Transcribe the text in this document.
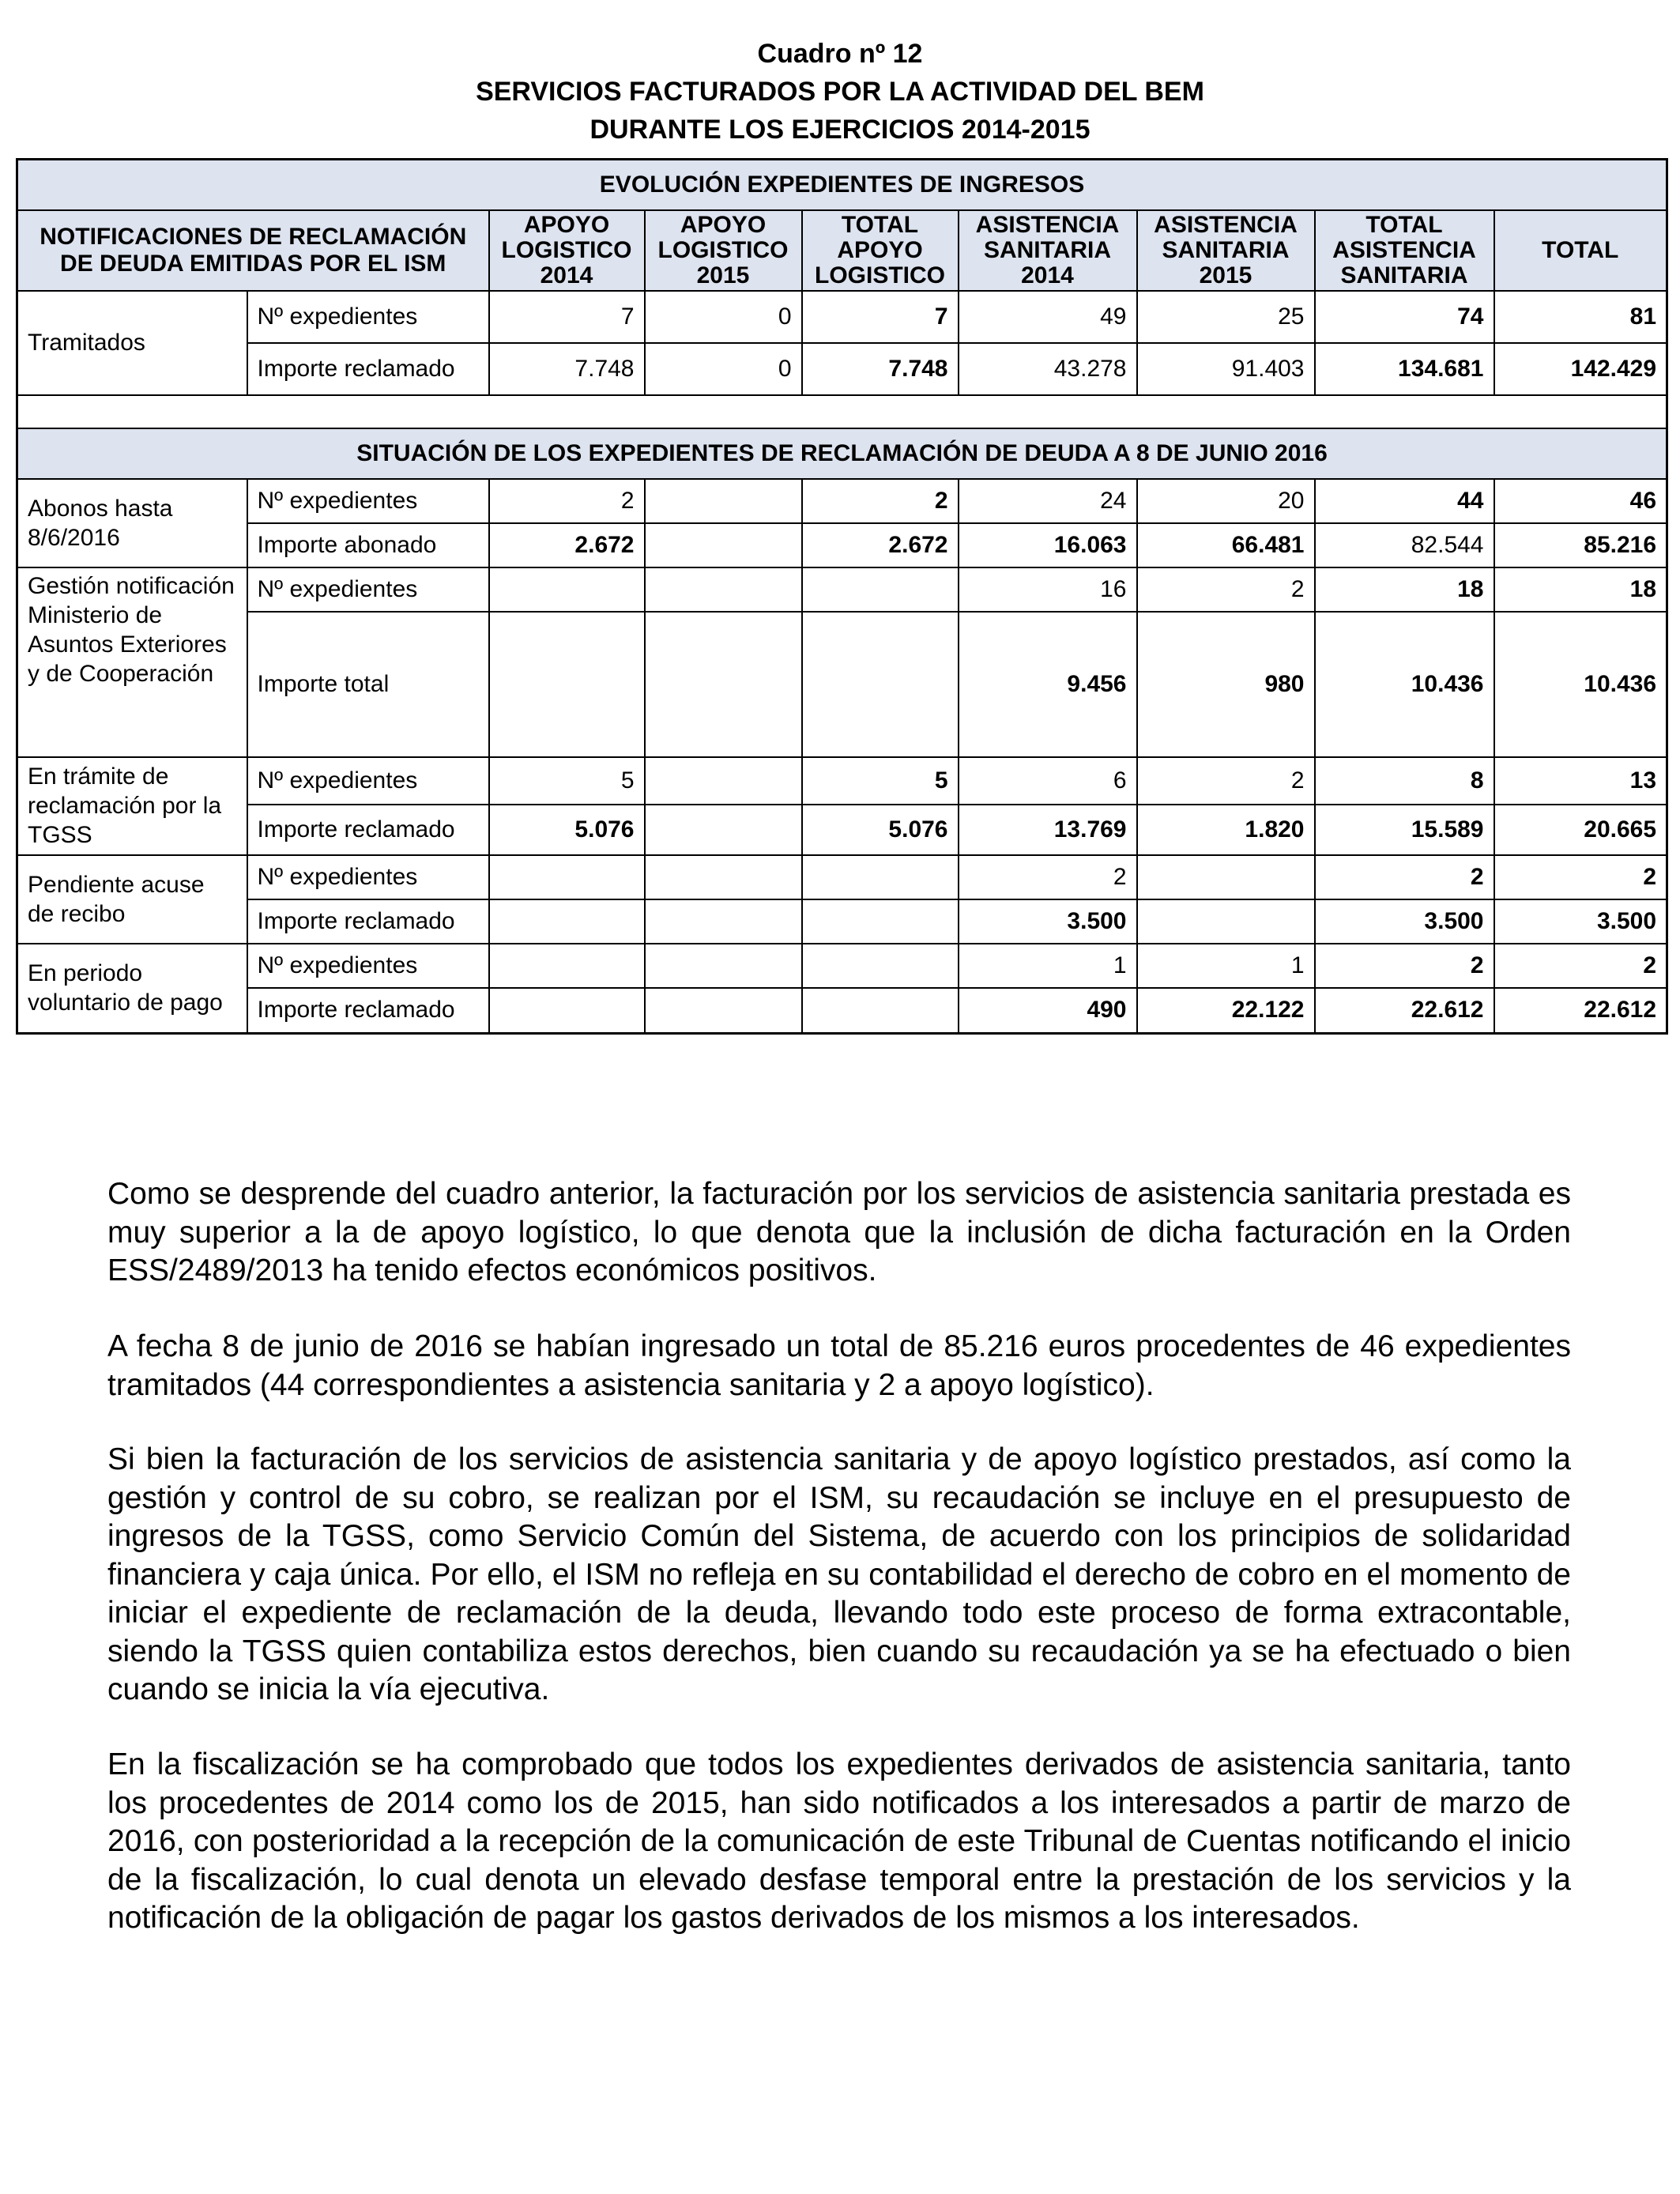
Cuadro nº 12
SERVICIOS FACTURADOS POR LA ACTIVIDAD DEL BEM
DURANTE LOS EJERCICIOS 2014-2015
EVOLUCIÓN EXPEDIENTES DE INGRESOS								
NOTIFICACIONES DE RECLAMACIÓN DE DEUDA EMITIDAS POR EL ISM		APOYO LOGISTICO 2014	APOYO LOGISTICO 2015	TOTAL APOYO LOGISTICO	ASISTENCIA SANITARIA 2014	ASISTENCIA SANITARIA 2015	TOTAL ASISTENCIA SANITARIA	TOTAL
Tramitados	Nº expedientes	7	0	7	49	25	74	81
	Importe reclamado	7.748	0	7.748	43.278	91.403	134.681	142.429

SITUACIÓN DE LOS EXPEDIENTES DE RECLAMACIÓN DE DEUDA A 8 DE JUNIO 2016								
Abonos hasta 8/6/2016	Nº expedientes	2		2	24	20	44	46
	Importe abonado	2.672		2.672	16.063	66.481	82.544	85.216
Gestión notificación Ministerio de Asuntos Exteriores y de Cooperación	Nº expedientes				16	2	18	18
	Importe total				9.456	980	10.436	10.436
En trámite de reclamación por la TGSS	Nº expedientes	5		5	6	2	8	13
	Importe reclamado	5.076		5.076	13.769	1.820	15.589	20.665
Pendiente acuse de recibo	Nº expedientes				2		2	2
	Importe reclamado				3.500		3.500	3.500
En periodo voluntario de pago	Nº expedientes				1	1	2	2
	Importe reclamado				490	22.122	22.612	22.612

Como se desprende del cuadro anterior, la facturación por los servicios de asistencia sanitaria prestada es muy superior a la de apoyo logístico, lo que denota que la inclusión de dicha facturación en la Orden ESS/2489/2013 ha tenido efectos económicos positivos.

A fecha 8 de junio de 2016 se habían ingresado un total de 85.216 euros procedentes de 46 expedientes tramitados (44 correspondientes a asistencia sanitaria y 2 a apoyo logístico).

Si bien la facturación de los servicios de asistencia sanitaria y de apoyo logístico prestados, así como la gestión y control de su cobro, se realizan por el ISM, su recaudación se incluye en el presupuesto de ingresos de la TGSS, como Servicio Común del Sistema, de acuerdo con los principios de solidaridad financiera y caja única. Por ello, el ISM no refleja en su contabilidad el derecho de cobro en el momento de iniciar el expediente de reclamación de la deuda, llevando todo este proceso de forma extracontable, siendo la TGSS quien contabiliza estos derechos, bien cuando su recaudación ya se ha efectuado o bien cuando se inicia la vía ejecutiva.

En la fiscalización se ha comprobado que todos los expedientes derivados de asistencia sanitaria, tanto los procedentes de 2014 como los de 2015, han sido notificados a los interesados a partir de marzo de 2016, con posterioridad a la recepción de la comunicación de este Tribunal de Cuentas notificando el inicio de la fiscalización, lo cual denota un elevado desfase temporal entre la prestación de los servicios y la notificación de la obligación de pagar los gastos derivados de los mismos a los interesados.
